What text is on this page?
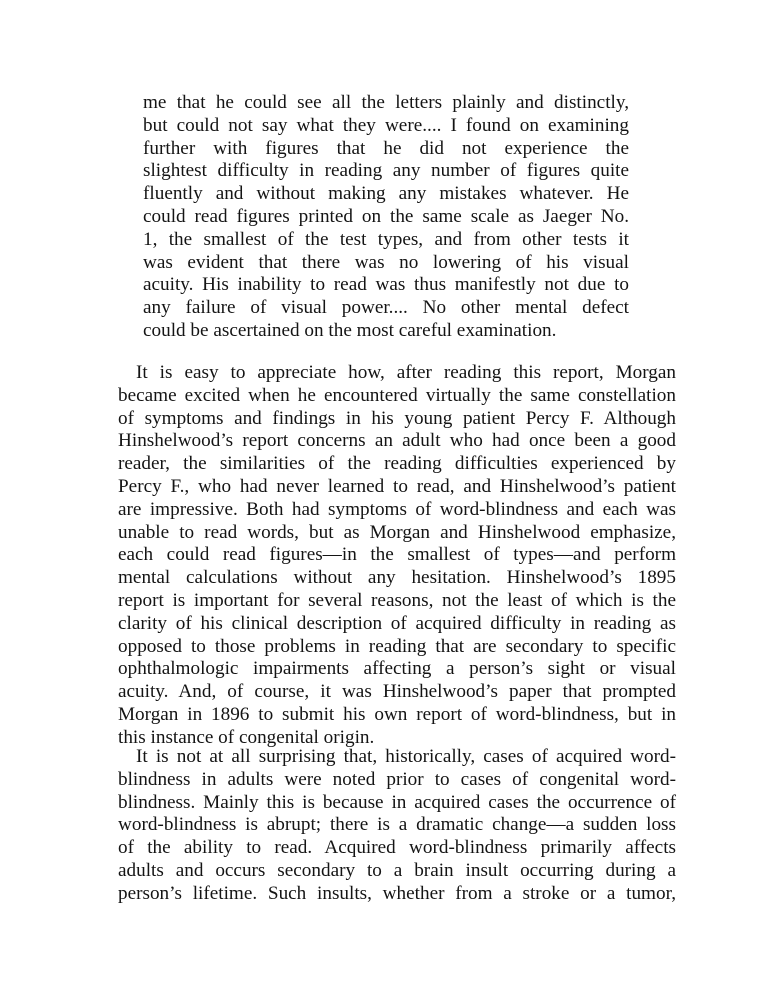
me that he could see all the letters plainly and distinctly,
but could not say what they were.... I found on examining
further with figures that he did not experience the
slightest difficulty in reading any number of figures quite
fluently and without making any mistakes whatever. He
could read figures printed on the same scale as Jaeger No.
1, the smallest of the test types, and from other tests it
was evident that there was no lowering of his visual
acuity. His inability to read was thus manifestly not due to
any failure of visual power.... No other mental defect
could be ascertained on the most careful examination.
It is easy to appreciate how, after reading this report, Morgan
became excited when he encountered virtually the same constellation
of symptoms and findings in his young patient Percy F. Although
Hinshelwood’s report concerns an adult who had once been a good
reader, the similarities of the reading difficulties experienced by
Percy F., who had never learned to read, and Hinshelwood’s patient
are impressive. Both had symptoms of word-blindness and each was
unable to read words, but as Morgan and Hinshelwood emphasize,
each could read figures—in the smallest of types—and perform
mental calculations without any hesitation. Hinshelwood’s 1895
report is important for several reasons, not the least of which is the
clarity of his clinical description of acquired difficulty in reading as
opposed to those problems in reading that are secondary to specific
ophthalmologic impairments affecting a person’s sight or visual
acuity. And, of course, it was Hinshelwood’s paper that prompted
Morgan in 1896 to submit his own report of word-blindness, but in
this instance of congenital origin.
It is not at all surprising that, historically, cases of acquired word-
blindness in adults were noted prior to cases of congenital word-
blindness. Mainly this is because in acquired cases the occurrence of
word-blindness is abrupt; there is a dramatic change—a sudden loss
of the ability to read. Acquired word-blindness primarily affects
adults and occurs secondary to a brain insult occurring during a
person’s lifetime. Such insults, whether from a stroke or a tumor,
